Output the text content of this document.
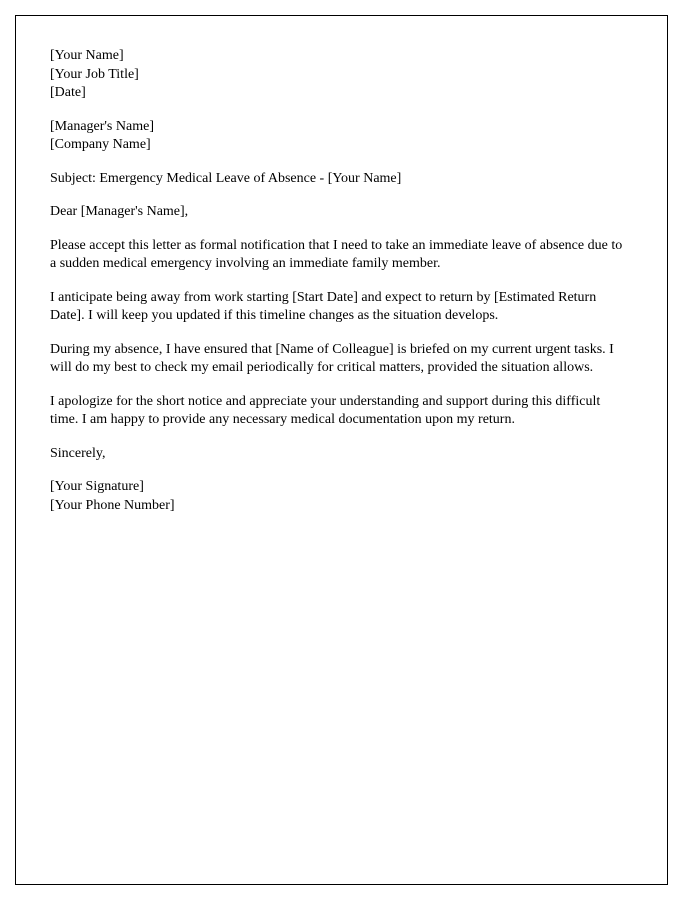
[Your Name]
[Your Job Title]
[Date]
[Manager's Name]
[Company Name]
Subject: Emergency Medical Leave of Absence - [Your Name]
Dear [Manager's Name],

Please accept this letter as formal notification that I need to take an immediate leave of absence due to a sudden medical emergency involving an immediate family member.

I anticipate being away from work starting [Start Date] and expect to return by [Estimated Return Date]. I will keep you updated if this timeline changes as the situation develops.

During my absence, I have ensured that [Name of Colleague] is briefed on my current urgent tasks. I will do my best to check my email periodically for critical matters, provided the situation allows.

I apologize for the short notice and appreciate your understanding and support during this difficult time. I am happy to provide any necessary medical documentation upon my return.

Sincerely,
[Your Signature]
[Your Phone Number]
